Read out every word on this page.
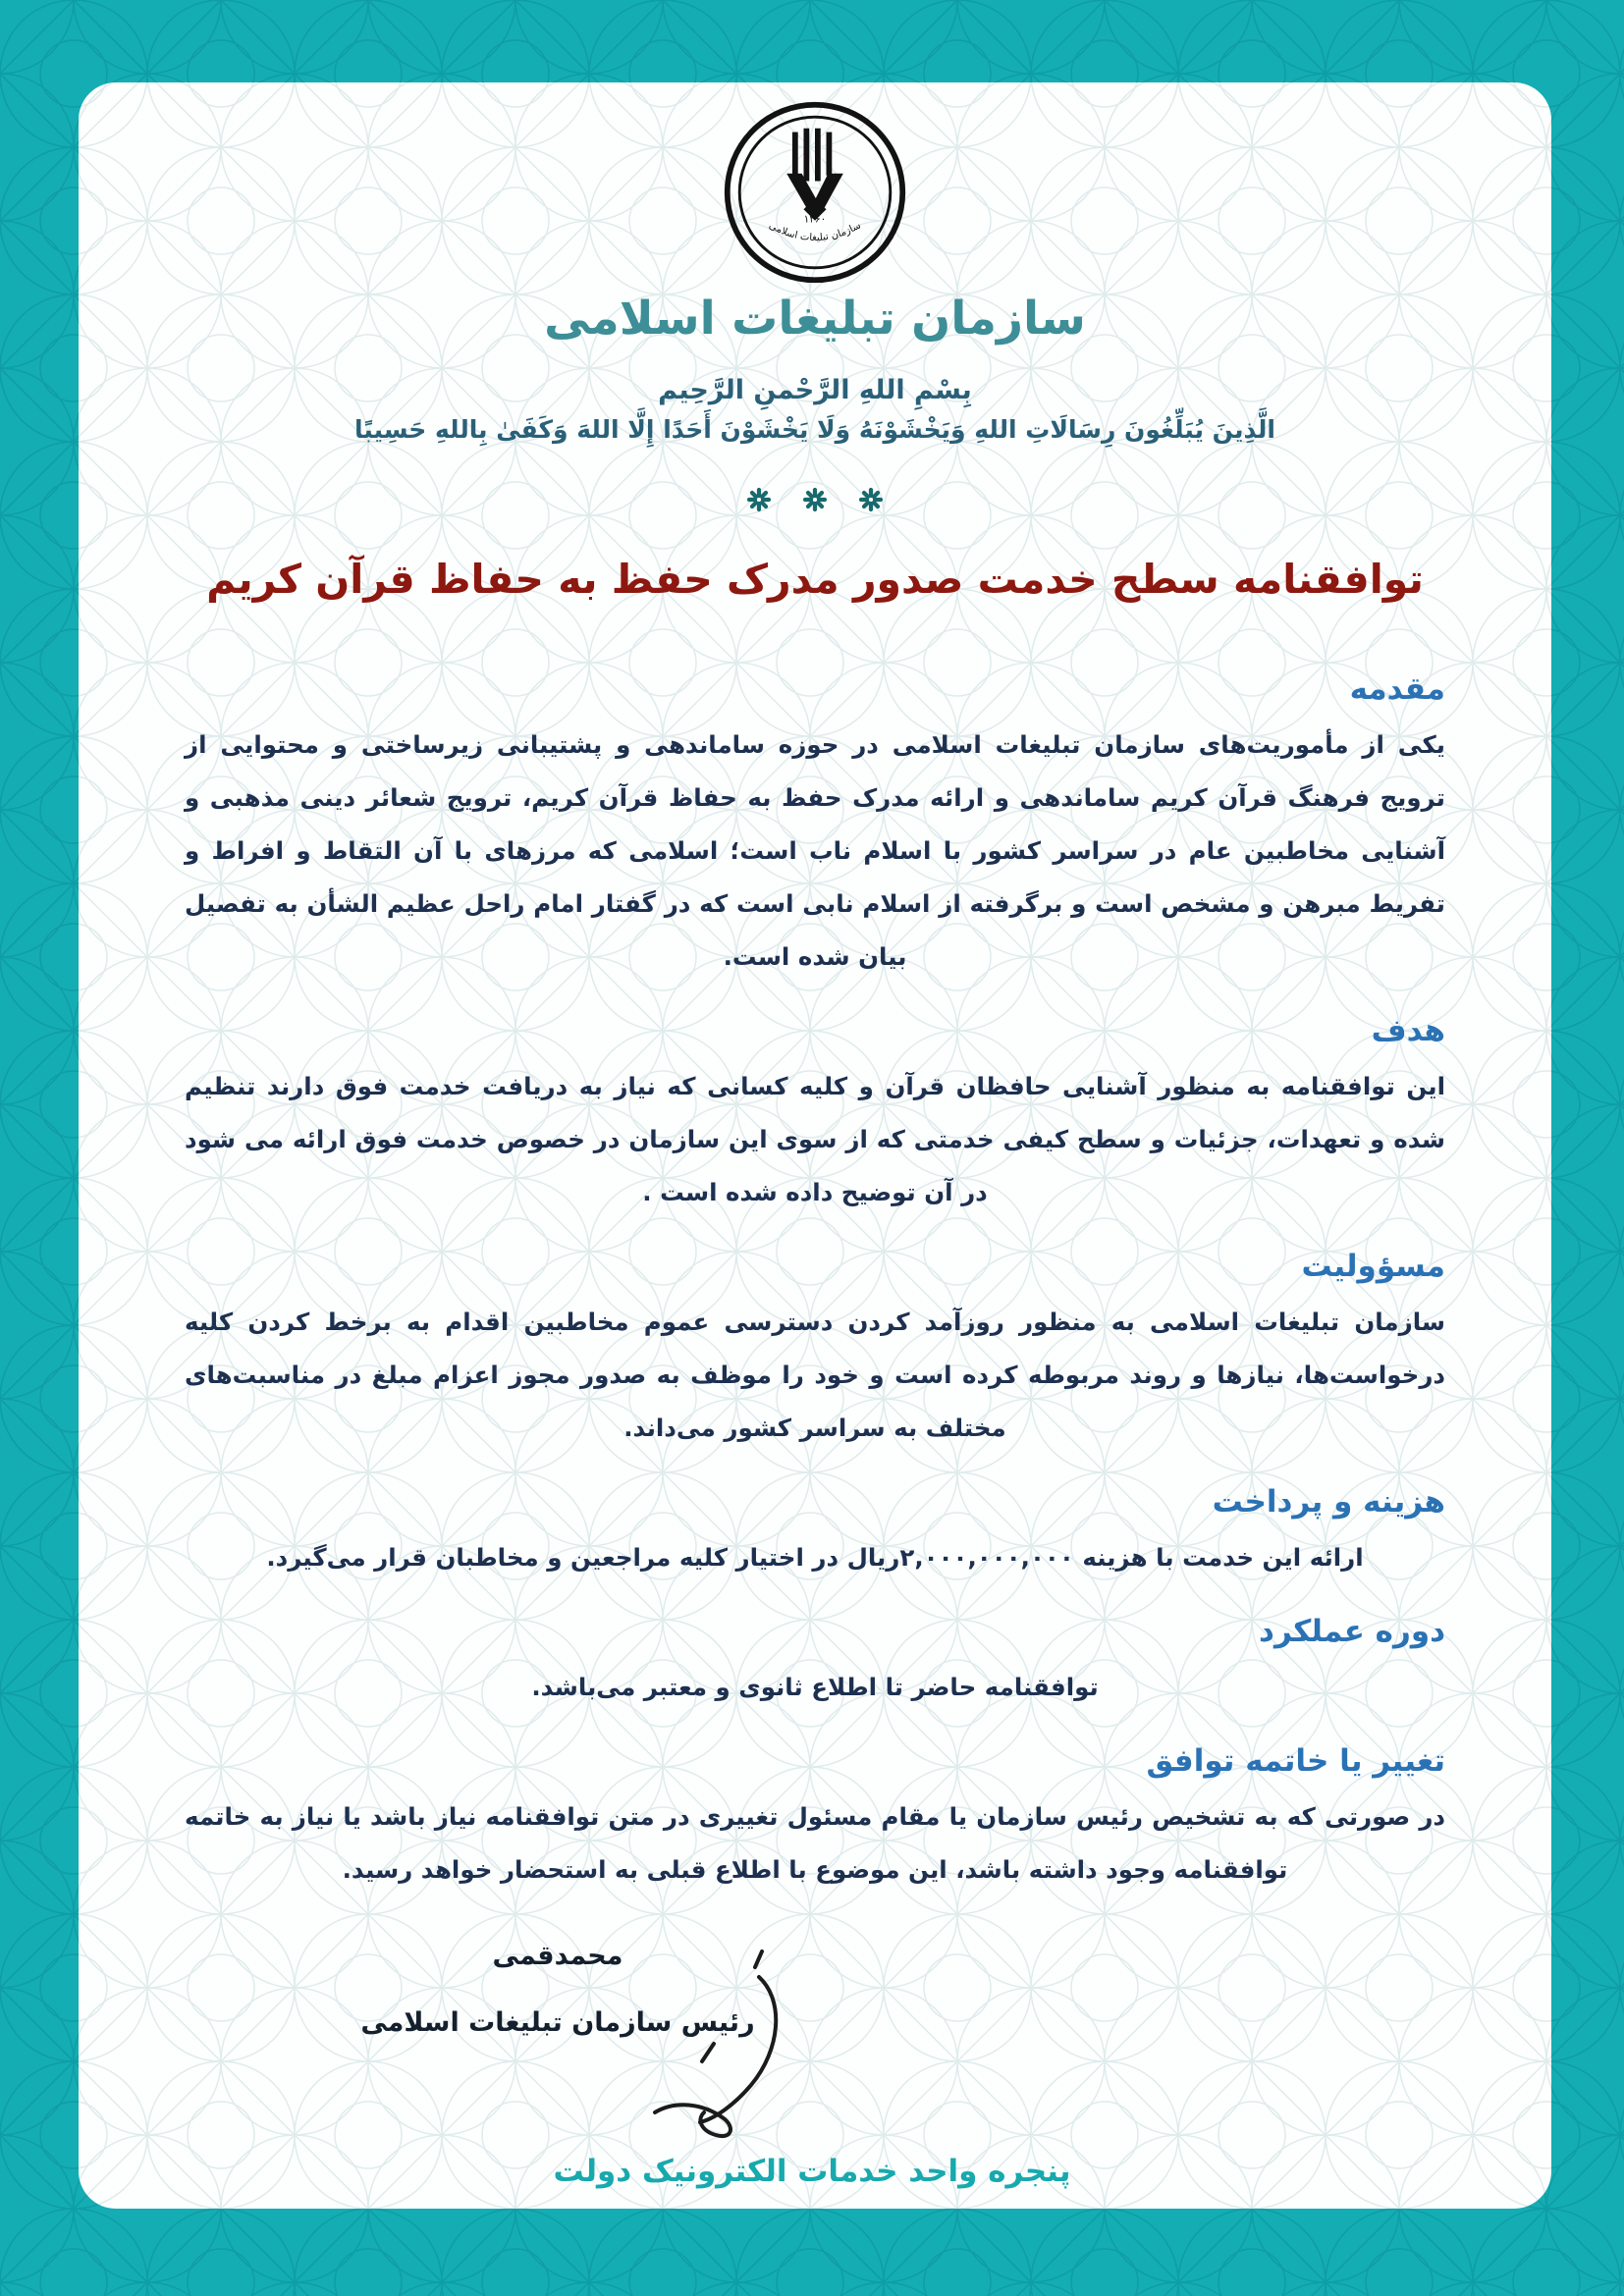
۱۳۶۰
سازمان تبلیغات اسلامی
سازمان تبلیغات اسلامی
بِسْمِ اللهِ الرَّحْمنِ الرَّحِيم
الَّذِينَ يُبَلِّغُونَ رِسَالَاتِ اللهِ وَيَخْشَوْنَهُ وَلَا يَخْشَوْنَ أَحَدًا إِلَّا اللهَ وَكَفَىٰ بِاللهِ حَسِيبًا

توافقنامه سطح خدمت صدور مدرک حفظ به حفاظ قرآن کریم
مقدمه

یکی از مأموریت‌های سازمان تبلیغات اسلامی در حوزه ساماندهی و پشتیبانی زیرساختی و محتوایی از ترویج فرهنگ قرآن کریم ساماندهی و ارائه مدرک حفظ به حفاظ قرآن کریم، ترویج شعائر دینی مذهبی و آشنایی مخاطبین عام در سراسر کشور با اسلام ناب است؛ اسلامی که مرزهای با آن التقاط و افراط و تفریط مبرهن و مشخص است و برگرفته از اسلام نابی است که در گفتار امام راحل عظیم الشأن به تفصیل بیان شده است.

هدف

این توافقنامه به منظور آشنایی حافظان قرآن و کلیه کسانی که نیاز به دریافت خدمت فوق دارند تنظیم شده و تعهدات، جزئیات و سطح کیفی خدمتی که از سوی این سازمان در خصوص خدمت فوق ارائه می شود در آن توضیح داده شده است .

مسؤولیت

سازمان تبلیغات اسلامی به منظور روزآمد کردن دسترسی عموم مخاطبین اقدام به برخط کردن کلیه درخواست‌ها، نیازها و روند مربوطه کرده است و خود را موظف به صدور مجوز اعزام مبلغ در مناسبت‌های مختلف به سراسر کشور می‌داند.

هزینه و پرداخت

ارائه این خدمت با هزینه ۲,۰۰۰,۰۰۰,۰۰۰ریال در اختیار کلیه مراجعین و مخاطبان قرار می‌گیرد.

دوره عملکرد

توافقنامه حاضر تا اطلاع ثانوی و معتبر می‌باشد.

تغییر یا خاتمه توافق

در صورتی که به تشخیص رئیس سازمان یا مقام مسئول تغییری در متن توافقنامه نیاز باشد یا نیاز به خاتمه توافقنامه وجود داشته باشد، این موضوع با اطلاع قبلی به استحضار خواهد رسید.

محمدقمی
رئیس سازمان تبلیغات اسلامی
پنجره واحد خدمات الکترونیک دولت
